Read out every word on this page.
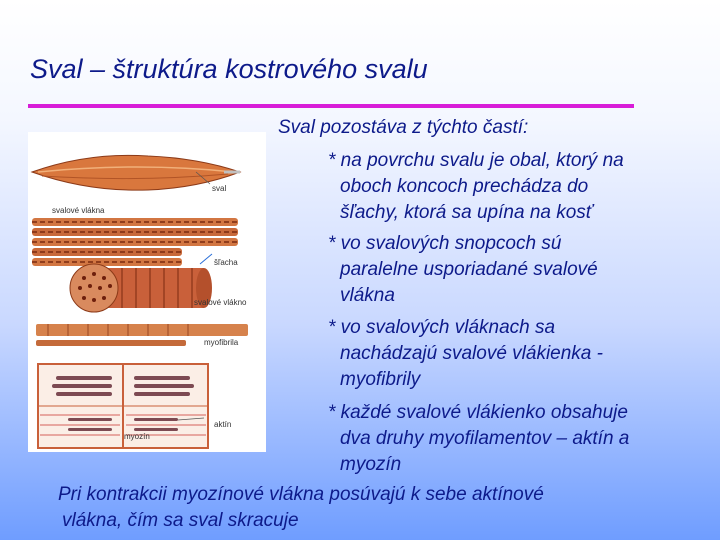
Sval – štruktúra kostrového svalu
sval
svalové vlákna
šľacha
svalové vlákno
myofibrila
aktín
myozín
Sval pozostáva z týchto častí:
* na povrchu svalu je obal, ktorý na
oboch koncoch prechádza do
šľachy, ktorá sa upína na kosť
* vo svalových snopcoch sú
paralelne usporiadané svalové
vlákna
* vo svalových vláknach sa
nachádzajú svalové vlákienka -
myofibrily
* každé svalové vlákienko obsahuje
dva druhy myofilamentov – aktín a
myozín
Pri kontrakcii myozínové vlákna posúvajú k sebe aktínové
vlákna, čím sa sval skracuje
